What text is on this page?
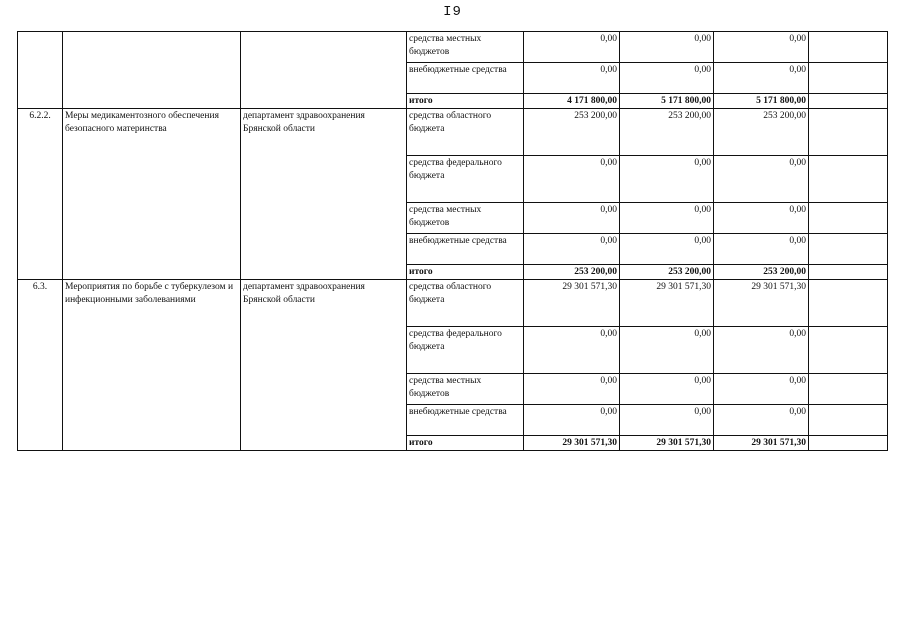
I9
			средства местных бюджетов	0,00	0,00	0,00	
			внебюджетные средства	0,00	0,00	0,00	
			итого	4 171 800,00	5 171 800,00	5 171 800,00	
6.2.2.	Меры медикаментозного обеспечения безопасного материнства	департамент здравоохранения Брянской области	средства областного бюджета	253 200,00	253 200,00	253 200,00	
			средства федерального бюджета	0,00	0,00	0,00	
			средства местных бюджетов	0,00	0,00	0,00	
			внебюджетные средства	0,00	0,00	0,00	
			итого	253 200,00	253 200,00	253 200,00	
6.3.	Мероприятия по борьбе с туберкулезом и инфекционными заболеваниями	департамент здравоохранения Брянской области	средства областного бюджета	29 301 571,30	29 301 571,30	29 301 571,30	
			средства федерального бюджета	0,00	0,00	0,00	
			средства местных бюджетов	0,00	0,00	0,00	
			внебюджетные средства	0,00	0,00	0,00	
			итого	29 301 571,30	29 301 571,30	29 301 571,30	
